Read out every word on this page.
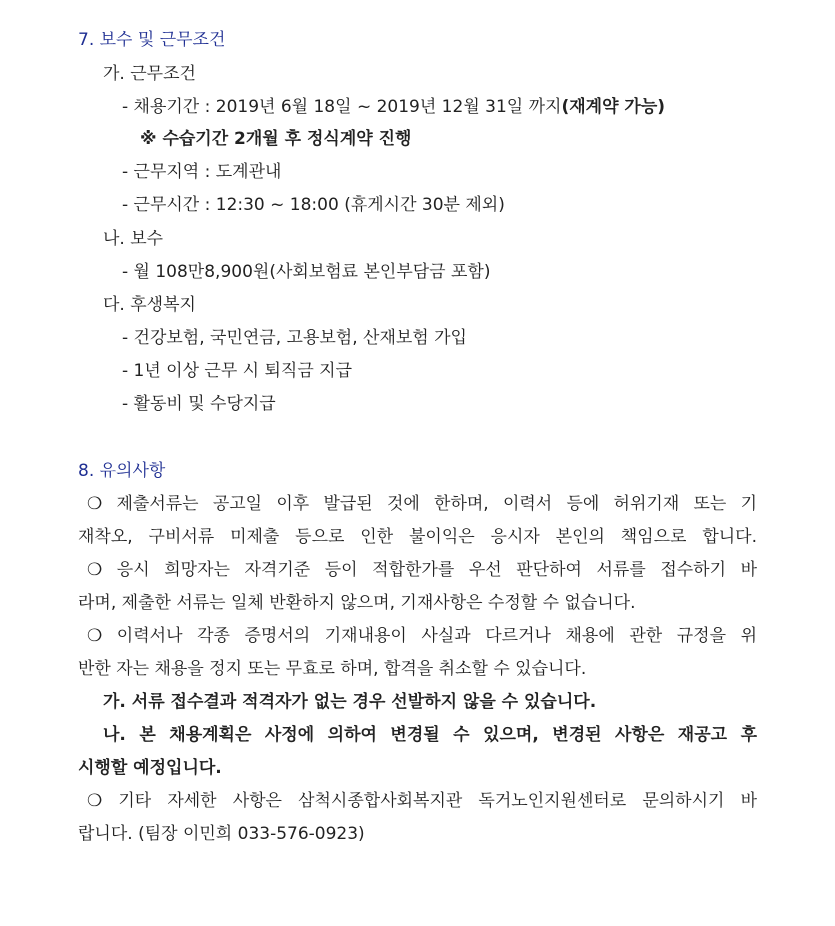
7. 보수 및 근무조건
가. 근무조건
- 채용기간 : 2019년 6월 18일 ~ 2019년 12월 31일 까지(재계약 가능)
※ 수습기간 2개월 후 정식계약 진행
- 근무지역 : 도계관내
- 근무시간 : 12:30 ~ 18:00 (휴게시간 30분 제외)
나. 보수
- 월 108만8,900원(사회보험료 본인부담금 포함)
다. 후생복지
- 건강보험, 국민연금, 고용보험, 산재보험 가입
- 1년 이상 근무 시 퇴직금 지급
- 활동비 및 수당지급
8. 유의사항
❍ 제출서류는 공고일 이후 발급된 것에 한하며, 이력서 등에 허위기재 또는 기
재착오, 구비서류 미제출 등으로 인한 불이익은 응시자 본인의 책임으로 합니다.
❍ 응시 희망자는 자격기준 등이 적합한가를 우선 판단하여 서류를 접수하기 바
라며, 제출한 서류는 일체 반환하지 않으며, 기재사항은 수정할 수 없습니다.
❍ 이력서나 각종 증명서의 기재내용이 사실과 다르거나 채용에 관한 규정을 위
반한 자는 채용을 정지 또는 무효로 하며, 합격을 취소할 수 있습니다.
가. 서류 접수결과 적격자가 없는 경우 선발하지 않을 수 있습니다.
나. 본 채용계획은 사정에 의하여 변경될 수 있으며, 변경된 사항은 재공고 후
시행할 예정입니다.
❍ 기타 자세한 사항은 삼척시종합사회복지관 독거노인지원센터로 문의하시기 바
랍니다. (팀장 이민희 033-576-0923)
